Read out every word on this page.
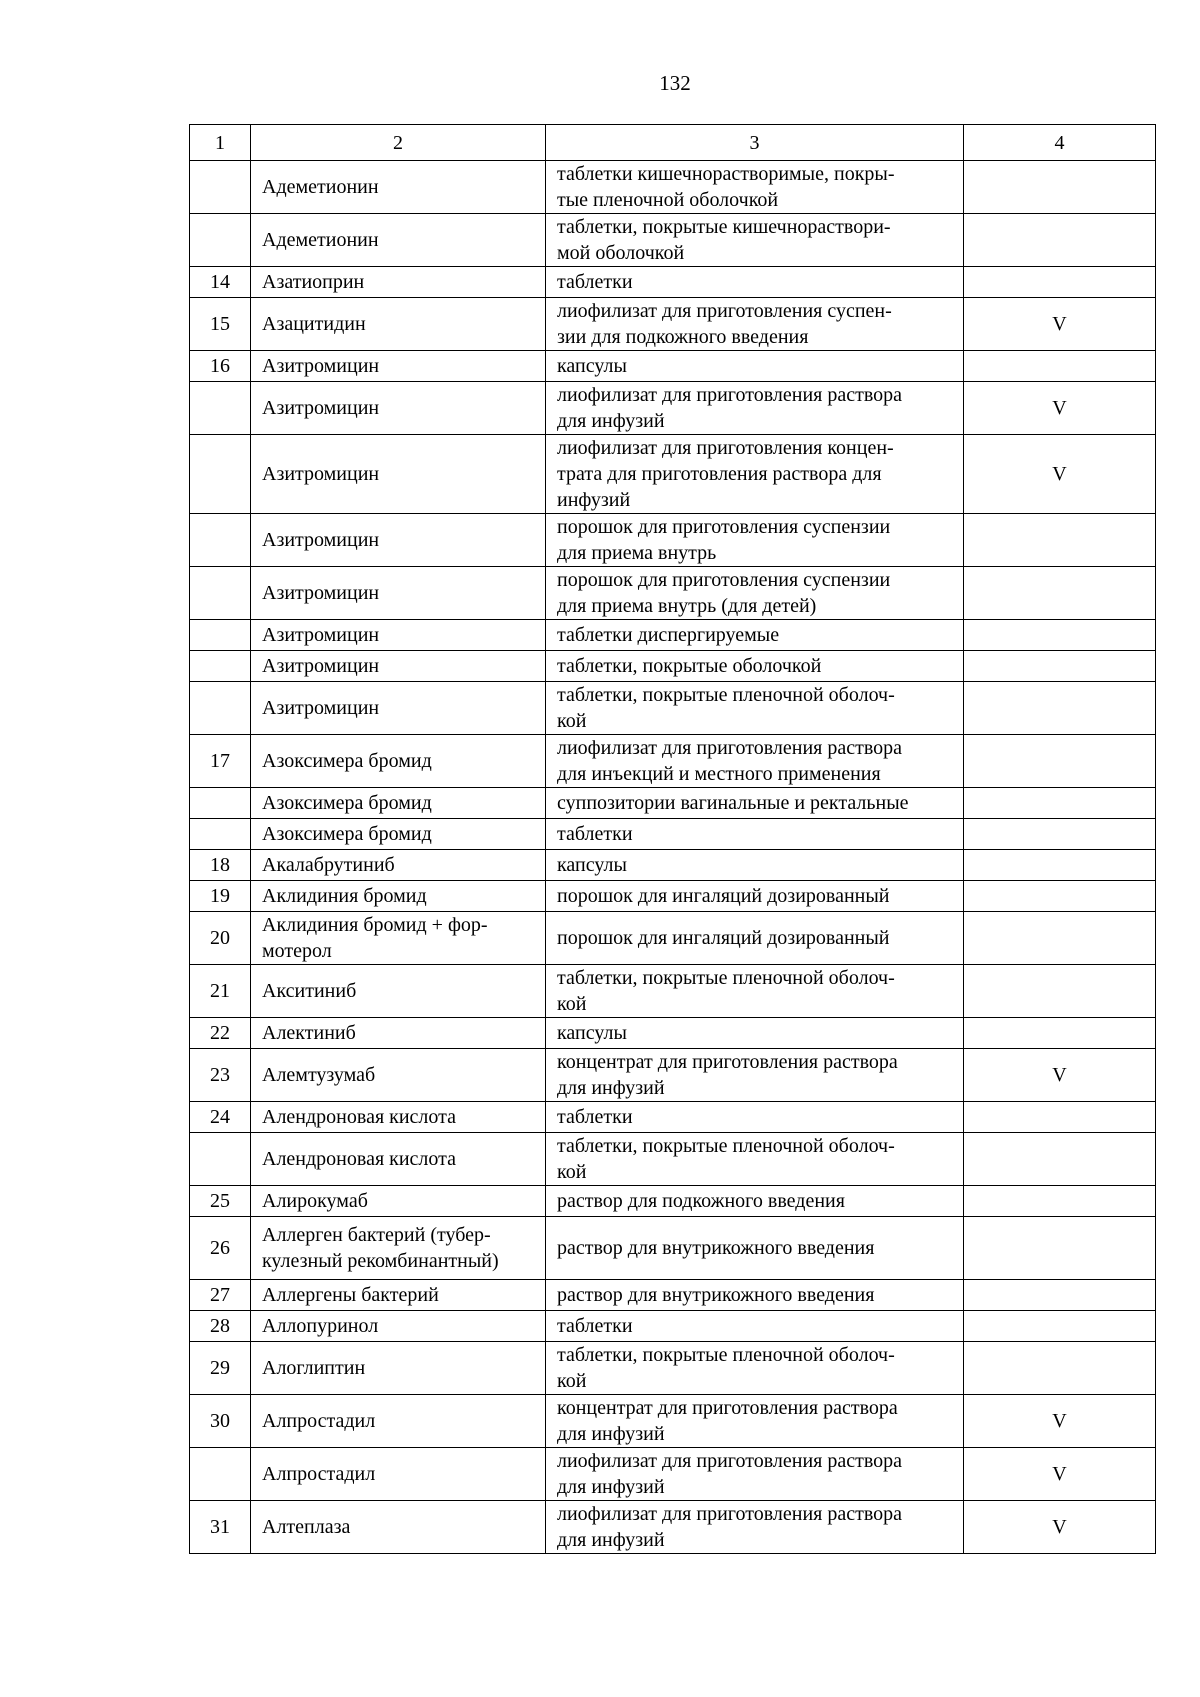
132
1	2	3	4
	Адеметионин	таблетки кишечнорастворимые, покры-
тые пленочной оболочкой	
	Адеметионин	таблетки, покрытые кишечнораствори-
мой оболочкой	
14	Азатиоприн	таблетки	
15	Азацитидин	лиофилизат для приготовления суспен-
зии для подкожного введения	V
16	Азитромицин	капсулы	
	Азитромицин	лиофилизат для приготовления раствора
для инфузий	V
	Азитромицин	лиофилизат для приготовления концен-
трата для приготовления раствора для
инфузий	V
	Азитромицин	порошок для приготовления суспензии
для приема внутрь	
	Азитромицин	порошок для приготовления суспензии
для приема внутрь (для детей)	
	Азитромицин	таблетки диспергируемые	
	Азитромицин	таблетки, покрытые оболочкой	
	Азитромицин	таблетки, покрытые пленочной оболоч-
кой	
17	Азоксимера бромид	лиофилизат для приготовления раствора
для инъекций и местного применения	
	Азоксимера бромид	суппозитории вагинальные и ректальные	
	Азоксимера бромид	таблетки	
18	Акалабрутиниб	капсулы	
19	Аклидиния бромид	порошок для ингаляций дозированный	
20	Аклидиния бромид + фор-
мотерол	порошок для ингаляций дозированный	
21	Акситиниб	таблетки, покрытые пленочной оболоч-
кой	
22	Алектиниб	капсулы	
23	Алемтузумаб	концентрат для приготовления раствора
для инфузий	V
24	Алендроновая кислота	таблетки	
	Алендроновая кислота	таблетки, покрытые пленочной оболоч-
кой	
25	Алирокумаб	раствор для подкожного введения	
26	Аллерген бактерий (тубер-
кулезный рекомбинантный)	раствор для внутрикожного введения	
27	Аллергены бактерий	раствор для внутрикожного введения	
28	Аллопуринол	таблетки	
29	Алоглиптин	таблетки, покрытые пленочной оболоч-
кой	
30	Алпростадил	концентрат для приготовления раствора
для инфузий	V
	Алпростадил	лиофилизат для приготовления раствора
для инфузий	V
31	Алтеплаза	лиофилизат для приготовления раствора
для инфузий	V
